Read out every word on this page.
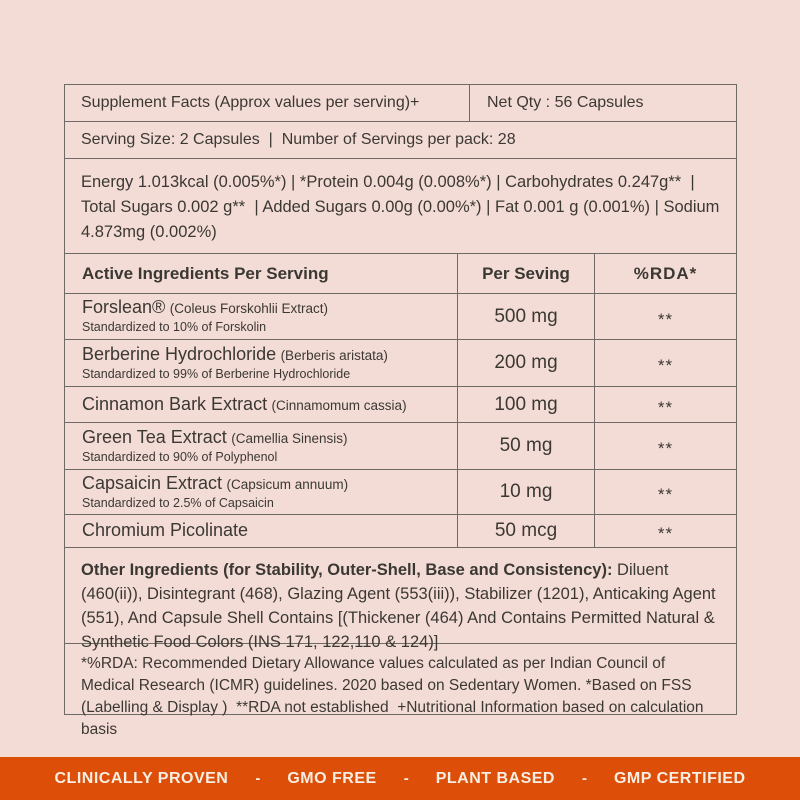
Supplement Facts (Approx values per serving)+	Net Qty : 56 Capsules
Serving Size: 2 Capsules  |  Number of Servings per pack: 28
Energy 1.013kcal (0.005%*) | *Protein 0.004g (0.008%*) | Carbohydrates 0.247g**  | Total Sugars 0.002 g**  | Added Sugars 0.00g (0.00%*) | Fat 0.001 g (0.001%) | Sodium 4.873mg (0.002%)
Active Ingredients Per Serving	Per Seving	%RDA*
Forslean® (Coleus Forskohlii Extract)
Standardized to 10% of Forskolin
500 mg	**
Berberine Hydrochloride (Berberis aristata)
Standardized to 99% of Berberine Hydrochloride
200 mg	**
Cinnamon Bark Extract (Cinnamomum cassia)	100 mg	**
Green Tea Extract (Camellia Sinensis)
Standardized to 90% of Polyphenol
50 mg	**
Capsaicin Extract (Capsicum annuum)
Standardized to 2.5% of Capsaicin
10 mg	**
Chromium Picolinate	50 mcg	**
Other Ingredients (for Stability, Outer-Shell, Base and Consistency): Diluent (460(ii)), Disintegrant (468), Glazing Agent (553(iii)), Stabilizer (1201), Anticaking Agent (551), And Capsule Shell Contains [(Thickener (464) And Contains Permitted Natural & Synthetic Food Colors (INS 171, 122,110 & 124)]
*%RDA: Recommended Dietary Allowance values calculated as per Indian Council of Medical Research (ICMR) guidelines. 2020 based on Sedentary Women. *Based on FSS (Labelling & Display )  **RDA not established  +Nutritional Information based on calculation basis
CLINICALLY PROVEN - GMO FREE - PLANT BASED - GMP CERTIFIED
